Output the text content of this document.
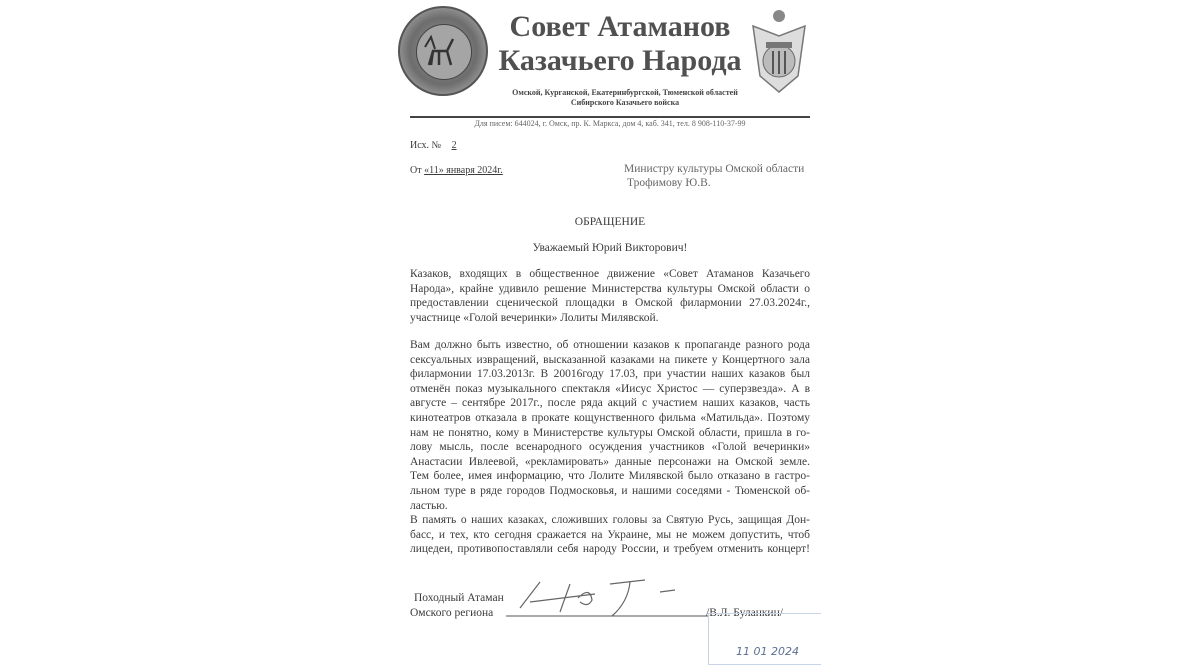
Совет Атаманов
Казачьего Народа
Омской, Курганской, Екатеринбургской, Тюменской областей
Сибирского Казачьего войска
Для писем: 644024, г. Омск, пр. К. Маркса, дом 4, каб. 341, тел. 8 908-110-37-99
Исх. № 2
От «11» января 2024г.	Министру культуры Омской области
Трофимову Ю.В.
ОБРАЩЕНИЕ
Уважаемый Юрий Викторович!
Казаков, входящих в общественное движение «Совет Атаманов Казачьего
Народа», крайне удивило решение Министерства культуры Омской области о
предоставлении сценической площадки в Омской филармонии 27.03.2024г.,
участнице «Голой вечеринки» Лолиты Милявской.
Вам должно быть известно, об отношении казаков к пропаганде разного рода
сексуальных извращений, высказанной казаками на пикете у Концертного зала
филармонии 17.03.2013г. В 20016году 17.03, при участии наших казаков был
отменён показ музыкального спектакля «Иисус Христос — суперзвезда». А в
августе – сентябре 2017г., после ряда акций с участием наших казаков, часть
кинотеатров отказала в прокате кощунственного фильма «Матильда». Поэтому
нам не понятно, кому в Министерстве культуры Омской области, пришла в го-
лову мысль, после всенародного осуждения участников «Голой вечеринки»
Анастасии Ивлеевой, «рекламировать» данные персонажи на Омской земле.
Тем более, имея информацию, что Лолите Милявской было отказано в гастро-
льном туре в ряде городов Подмосковья, и нашими соседями - Тюменской об-
ластью.
В память о наших казаках, сложивших головы за Святую Русь, защищая Дон-
басс, и тех, кто сегодня сражается на Украине, мы не можем допустить, чтоб
лицедеи, противопоставляли себя народу России, и требуем отменить концерт!
Походный Атаман
Омского региона	/В.Л. Буланкин/
11 01 2024
